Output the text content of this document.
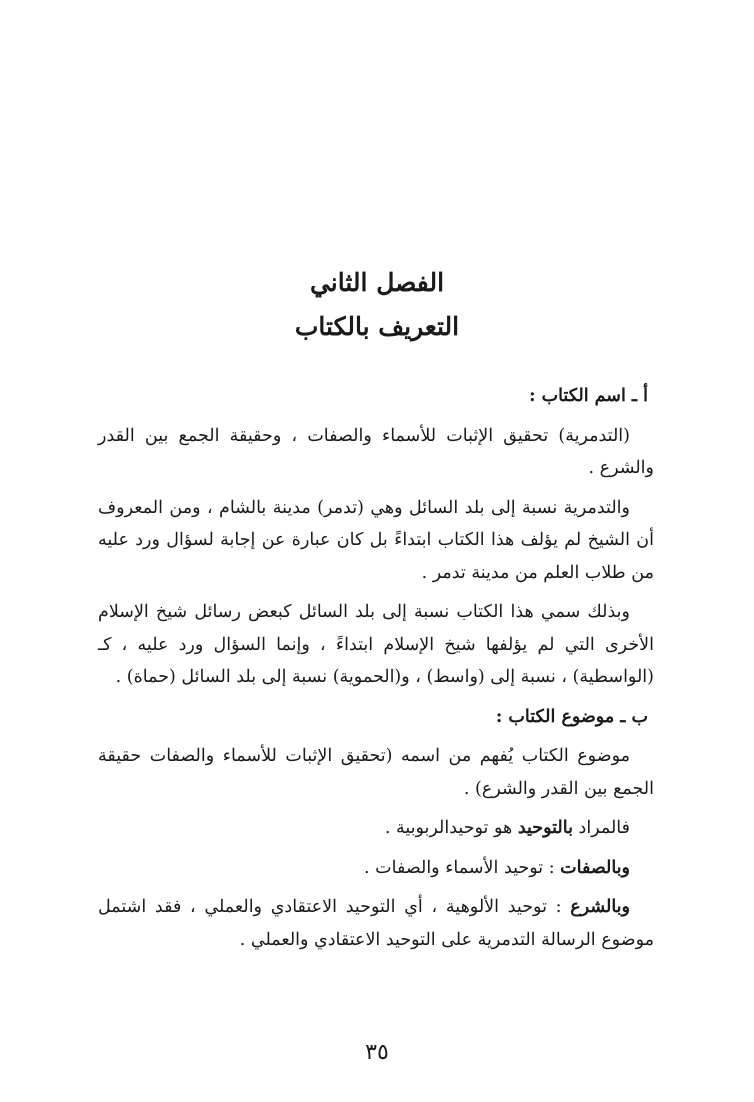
الفصل الثاني
التعريف بالكتاب
أ ـ اسم الكتاب :

(التدمرية) تحقيق الإثبات للأسماء والصفات ، وحقيقة الجمع بين القدر والشرع .

والتدمرية نسبة إلى بلد السائل وهي (تدمر) مدينة بالشام ، ومن المعروف أن الشيخ لم يؤلف هذا الكتاب ابتداءً بل كان عبارة عن إجابة لسؤال ورد عليه من طلاب العلم من مدينة تدمر .

وبذلك سمي هذا الكتاب نسبة إلى بلد السائل كبعض رسائل شيخ الإسلام الأخرى التي لم يؤلفها شيخ الإسلام ابتداءً ، وإنما السؤال ورد عليه ، كـ (الواسطية) ، نسبة إلى (واسط) ، و(الحموية) نسبة إلى بلد السائل (حماة) .

ب ـ موضوع الكتاب :

موضوع الكتاب يُفهم من اسمه (تحقيق الإثبات للأسماء والصفات حقيقة الجمع بين القدر والشرع) .

فالمراد بالتوحيد هو توحيدالربوبية .

وبالصفات : توحيد الأسماء والصفات .

وبالشرع : توحيد الألوهية ، أي التوحيد الاعتقادي والعملي ، فقد اشتمل موضوع الرسالة التدمرية على التوحيد الاعتقادي والعملي .

٣٥
